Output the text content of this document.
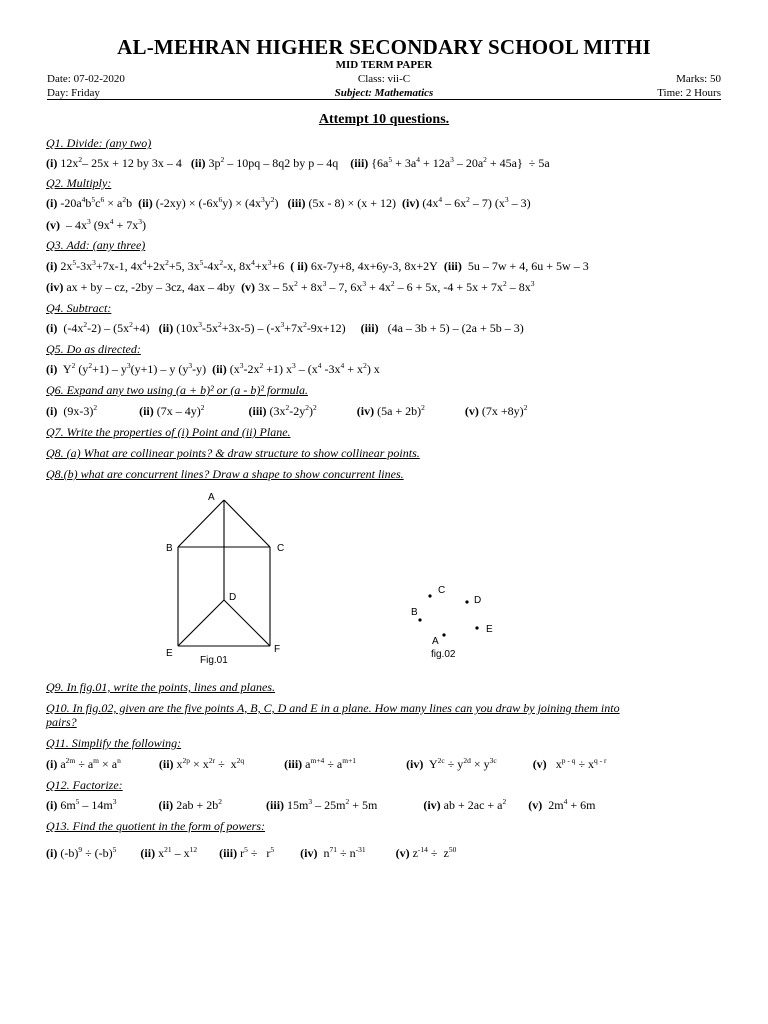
AL-MEHRAN HIGHER SECONDARY SCHOOL MITHI
MID TERM PAPER
Date: 07-02-2020	Class: vii-C	Marks: 50
Day: Friday	Subject: Mathematics	Time: 2 Hours
Attempt 10 questions.
Q1. Divide: (any two)
(i) $12x^2-$ 25x + 12 by 3x – 4   (ii) $3p^2 - 10pq - 8q2$ by p – 4q    (iii) $\{6a^5 + 3a^4 + 12a^3 - 20a^2 + 45a\} \div 5a$
Q2. Multiply:
(i) $-20a^4b^5c^6 \times a^2b$  (ii) $(-2xy) \times (-6x^6y) \times (4x^3y^2)$   (iii) (5x - 8) × (x + 12)  (iv) $(4x^4 - 6x^2 - 7)$ $(x^3 - 3)$
$(v) - 4x^3$ $(9x^4 + 7x^3)$
Q3. Add: (any three)
(i) $2x^5-3x^3+7x-1$, $4x^4+2x^2+5$, $3x^5-4x^2-x$, $8x^4+x^3+6$  ( ii) 6x-7y+8, 4x+6y-3, 8x+2Y  (iii)  5u – 7w + 4, 6u + 5w – 3
(iv) ax + by – cz, -2by – 3cz, 4ax – 4by  (v) $3x - 5x^2 + 8x^3 - 7$, $6x^3 + 4x^2 - 6 + 5x$, $-4 + 5x + 7x^2 - 8x^3$
Q4. Subtract:
(i)  $(-4x^2-2) - (5x^2+4)$   (ii) $(10x^3-5x^2+3x-5) - (-x^3+7x^2-9x+12)$     (iii)   (4a – 3b + 5) – (2a + 5b – 3)
Q5. Do as directed:
(i)  $Y^2$ $(y^2+1) - y^3(y+1) - y$ $(y^3-y)$  (ii) $(x^3-2x^2 +1)$ $x^3 - (x^4$ $-3x^4 + x^2$) x
Q6. Expand any two using (a + b)² or (a - b)² formula.
(i)  $(9x-3)^2$	(ii) (7x – 4y)$^2$	(iii) $(3x^2-2y^2)^2$	(iv) $(5a + 2b)^2$	(v) $(7x +8y)^2$
Q7. Write the properties of (i) Point and (ii) Plane.
Q8. (a) What are collinear points? & draw structure to show collinear points.
Q8.(b) what are concurrent lines? Draw a shape to show concurrent lines.
A
B	C
D
E	F
Fig.01
C
D
B
E
A
fig.02
Q9. In fig.01, write the points, lines and planes.
Q10. In fig.02, given are the five points A, B, C, D and E in a plane. How many lines can you draw by joining them into
pairs?
Q11. Simplify the following:
(i) $a^{2m} \div a^m \times a^n$	(ii) $x^{2p} \times x^{2r} \div x^{2q}$	(iii) $a^{m+4} \div a^{m+1}$	(iv)  $Y^{2c} \div y^{2d} \times y^{3c}$	(v)   $x^{p - q} \div x^{q - r}$
Q12. Factorize:
(i) $6m^5 - 14m^3$	(ii) $2ab + 2b^2$	(iii) $15m^3 - 25m^2 + 5m$	(iv) ab + $2ac + a^2$ (v)  $2m^4 + 6m$
Q13. Find the quotient in the form of powers:
(i) $(-b)^9 \div (-b)^5$ (ii) $x^{21} - x^{12}$ (iii) $r^5 \div r^5$ (iv)  $n^{71} \div n^{-31}$	(v) $z^{-14} \div z^{50}$
